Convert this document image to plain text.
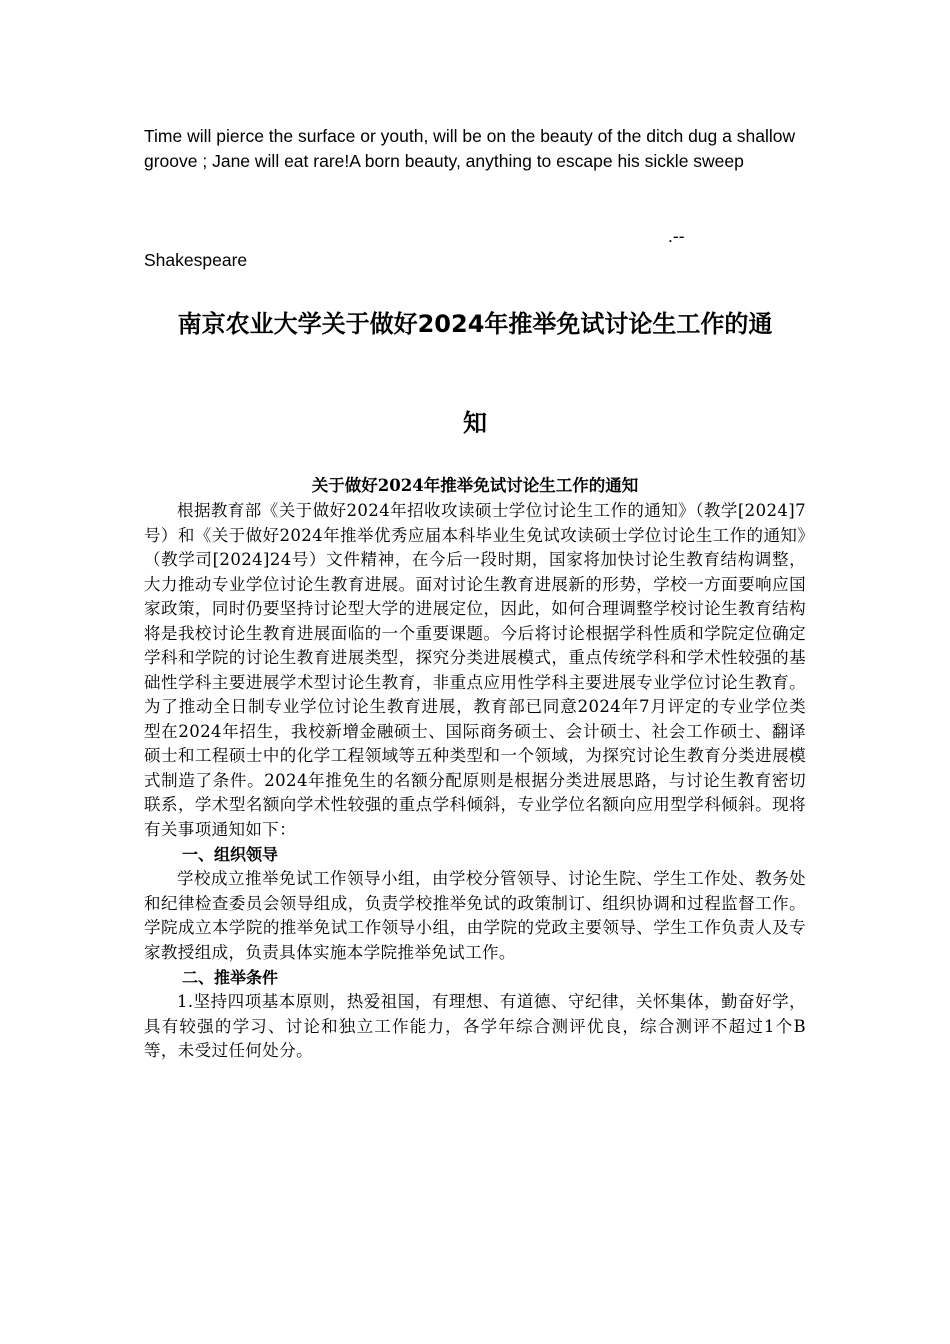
Time will pierce the surface or youth, will be on the beauty of the ditch dug a shallow groove ; Jane will eat rare!A born beauty, anything to escape his sickle sweep

.--
Shakespeare
南京农业大学关于做好2024年推举免试讨论生工作的通
知
关于做好2024年推举免试讨论生工作的通知

根据教育部《关于做好2024年招收攻读硕士学位讨论生工作的通知》（教学[2024]7号）和《关于做好2024年推举优秀应届本科毕业生免试攻读硕士学位讨论生工作的通知》（教学司[2024]24号）文件精神，在今后一段时期，国家将加快讨论生教育结构调整，大力推动专业学位讨论生教育进展。面对讨论生教育进展新的形势，学校一方面要响应国家政策，同时仍要坚持讨论型大学的进展定位，因此，如何合理调整学校讨论生教育结构将是我校讨论生教育进展面临的一个重要课题。今后将讨论根据学科性质和学院定位确定学科和学院的讨论生教育进展类型，探究分类进展模式，重点传统学科和学术性较强的基础性学科主要进展学术型讨论生教育，非重点应用性学科主要进展专业学位讨论生教育。为了推动全日制专业学位讨论生教育进展，教育部已同意2024年7月评定的专业学位类型在2024年招生，我校新增金融硕士、国际商务硕士、会计硕士、社会工作硕士、翻译硕士和工程硕士中的化学工程领域等五种类型和一个领域，为探究讨论生教育分类进展模式制造了条件。2024年推免生的名额分配原则是根据分类进展思路，与讨论生教育密切联系，学术型名额向学术性较强的重点学科倾斜，专业学位名额向应用型学科倾斜。现将有关事项通知如下：

一、组织领导

学校成立推举免试工作领导小组，由学校分管领导、讨论生院、学生工作处、教务处和纪律检查委员会领导组成，负责学校推举免试的政策制订、组织协调和过程监督工作。学院成立本学院的推举免试工作领导小组，由学院的党政主要领导、学生工作负责人及专家教授组成，负责具体实施本学院推举免试工作。

二、推举条件

1.坚持四项基本原则，热爱祖国，有理想、有道德、守纪律，关怀集体，勤奋好学，具有较强的学习、讨论和独立工作能力，各学年综合测评优良，综合测评不超过1个B等，未受过任何处分。
